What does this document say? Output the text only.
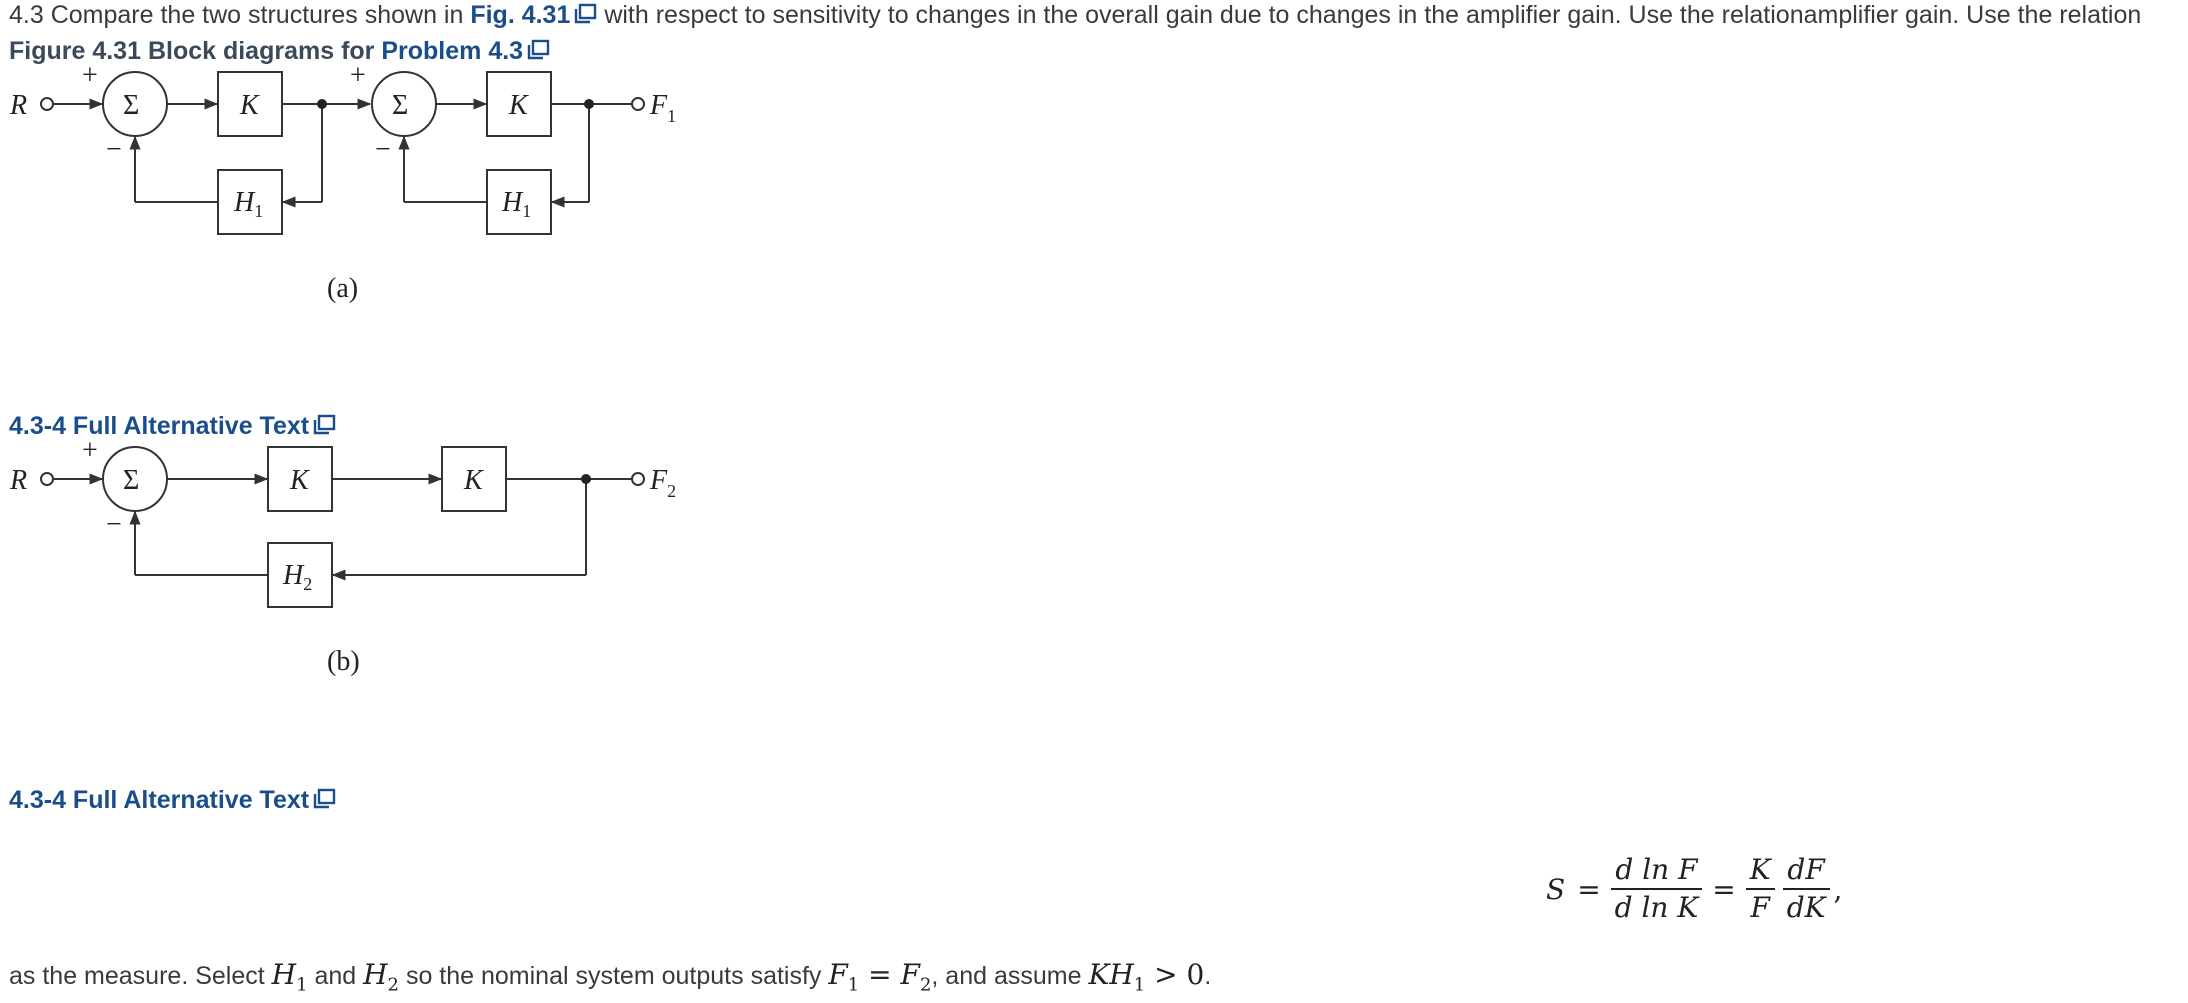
4.3 Compare the two structures shown in Fig. 4.31 with respect to sensitivity to changes in the overall gain due to changes in the amplifier gain. Use the relationamplifier gain. Use the relation
Figure 4.31 Block diagrams for Problem 4.3
R
+
−
Σ	K
$H_1$
+
−
Σ	K
$H_1$
$F_1$
(a)
4.3-4 Full Alternative Text
R
+
−
Σ	K	K
$H_2$
$F_2$
(b)
4.3-4 Full Alternative Text
$S = \frac{\text{d ln F}}{\text{d ln K}} = \frac{K}{F} \frac{dF}{dK}$ ,
as the measure. Select $H_1$ and $H_2$ so the nominal system outputs satisfy $F_1 = F_2$, and assume $KH_1 > 0$.
